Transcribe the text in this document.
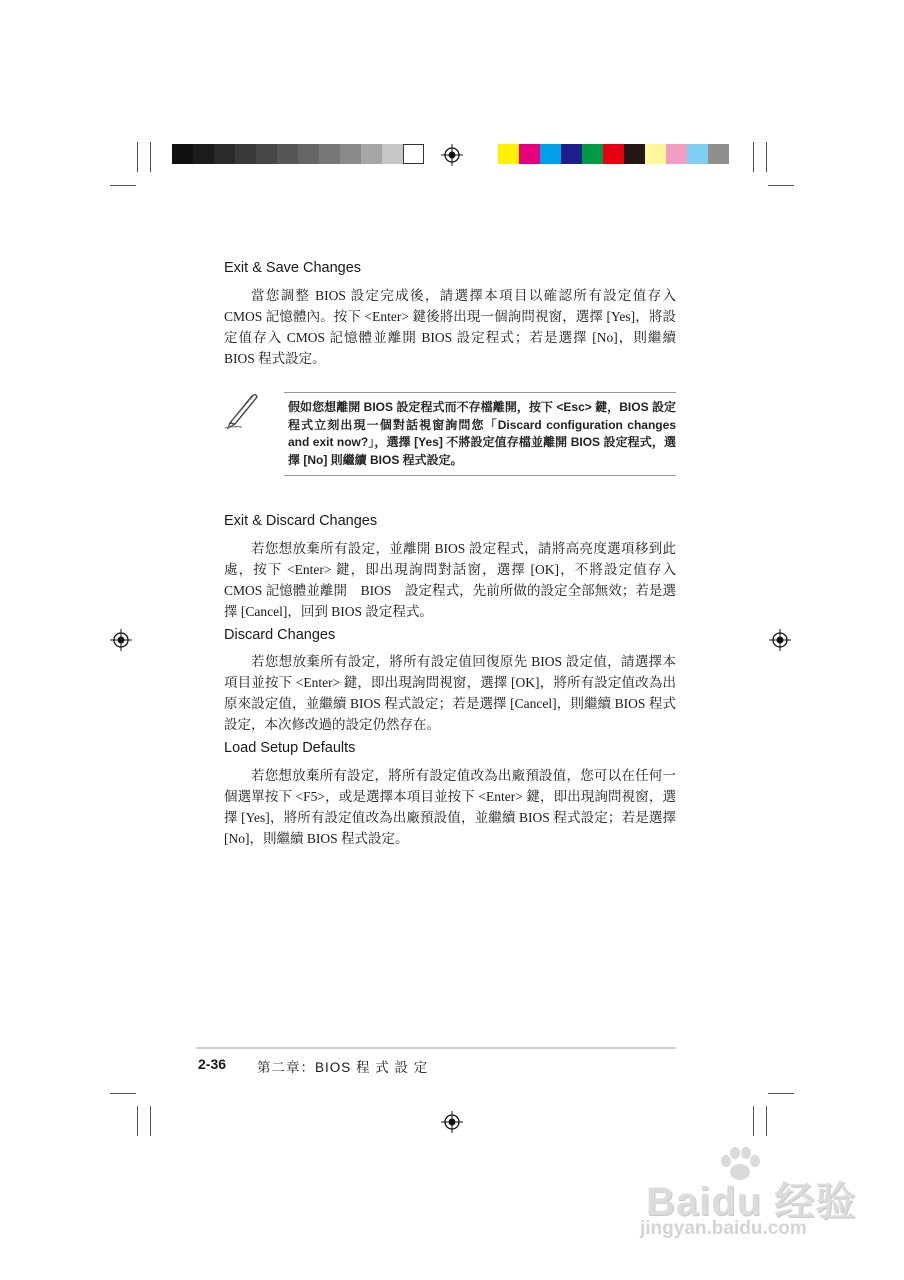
Exit & Save Changes
當您調整 BIOS 設定完成後，請選擇本項目以確認所有設定值存入 CMOS 記憶體內。按下 <Enter> 鍵後將出現一個詢問視窗，選擇 [Yes]，將設定值存入 CMOS 記憶體並離開 BIOS 設定程式；若是選擇 [No]，則繼續 BIOS 程式設定。
假如您想離開 BIOS 設定程式而不存檔離開，按下 <Esc> 鍵，BIOS 設定程式立刻出現一個對話視窗詢問您「Discard configuration changes and exit now?」，選擇 [Yes] 不將設定值存檔並離開 BIOS 設定程式，選擇 [No] 則繼續 BIOS 程式設定。
Exit & Discard Changes
若您想放棄所有設定，並離開 BIOS 設定程式，請將高亮度選項移到此處，按下 <Enter> 鍵，即出現詢問對話窗，選擇 [OK]，不將設定值存入 CMOS 記憶體並離開　BIOS　設定程式，先前所做的設定全部無效；若是選擇 [Cancel]，回到 BIOS 設定程式。
Discard Changes
若您想放棄所有設定，將所有設定值回復原先 BIOS 設定值，請選擇本項目並按下 <Enter> 鍵，即出現詢問視窗，選擇 [OK]，將所有設定值改為出原來設定值，並繼續 BIOS 程式設定；若是選擇 [Cancel]，則繼續 BIOS 程式設定，本次修改過的設定仍然存在。
Load Setup Defaults
若您想放棄所有設定，將所有設定值改為出廠預設值，您可以在任何一個選單按下 <F5>，或是選擇本項目並按下 <Enter> 鍵，即出現詢問視窗，選擇 [Yes]，將所有設定值改為出廠預設值，並繼續 BIOS 程式設定；若是選擇 [No]，則繼續 BIOS 程式設定。
2-36 第二章：BIOS 程 式 設 定
Baidu 经验
jingyan.baidu.com
